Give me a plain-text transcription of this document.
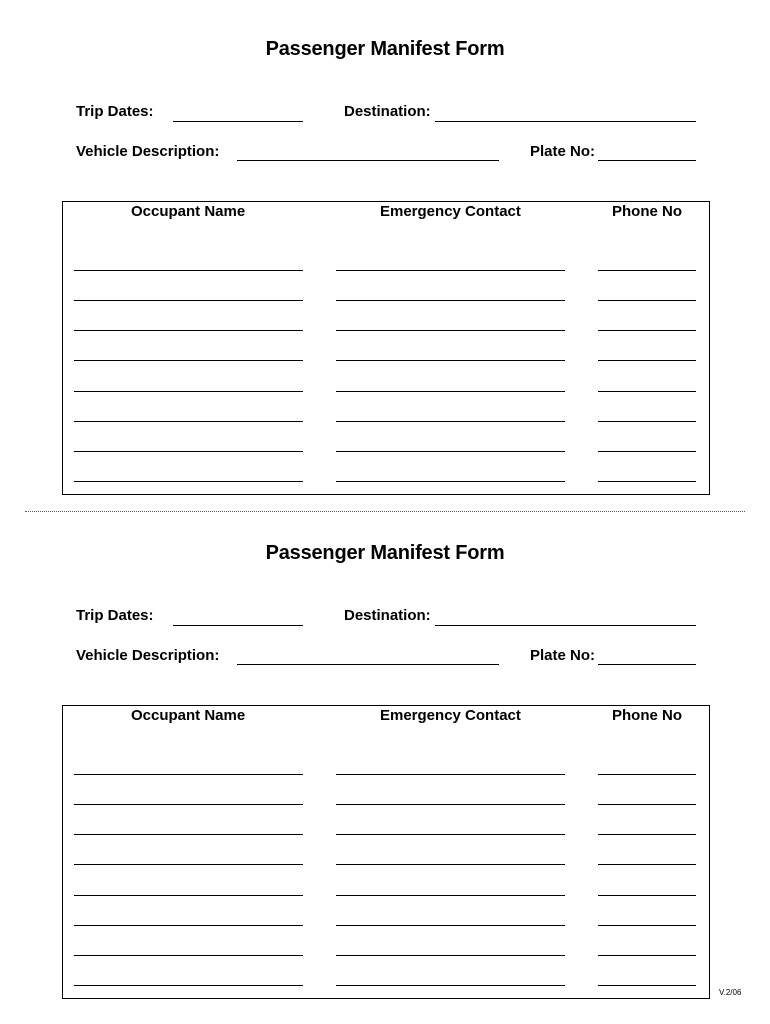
Passenger Manifest Form
Trip Dates:	Destination:
Vehicle Description:	Plate No:
Occupant Name	Emergency Contact	Phone No
Passenger Manifest Form
Trip Dates:	Destination:
Vehicle Description:	Plate No:
Occupant Name	Emergency Contact	Phone No
V.2/06
